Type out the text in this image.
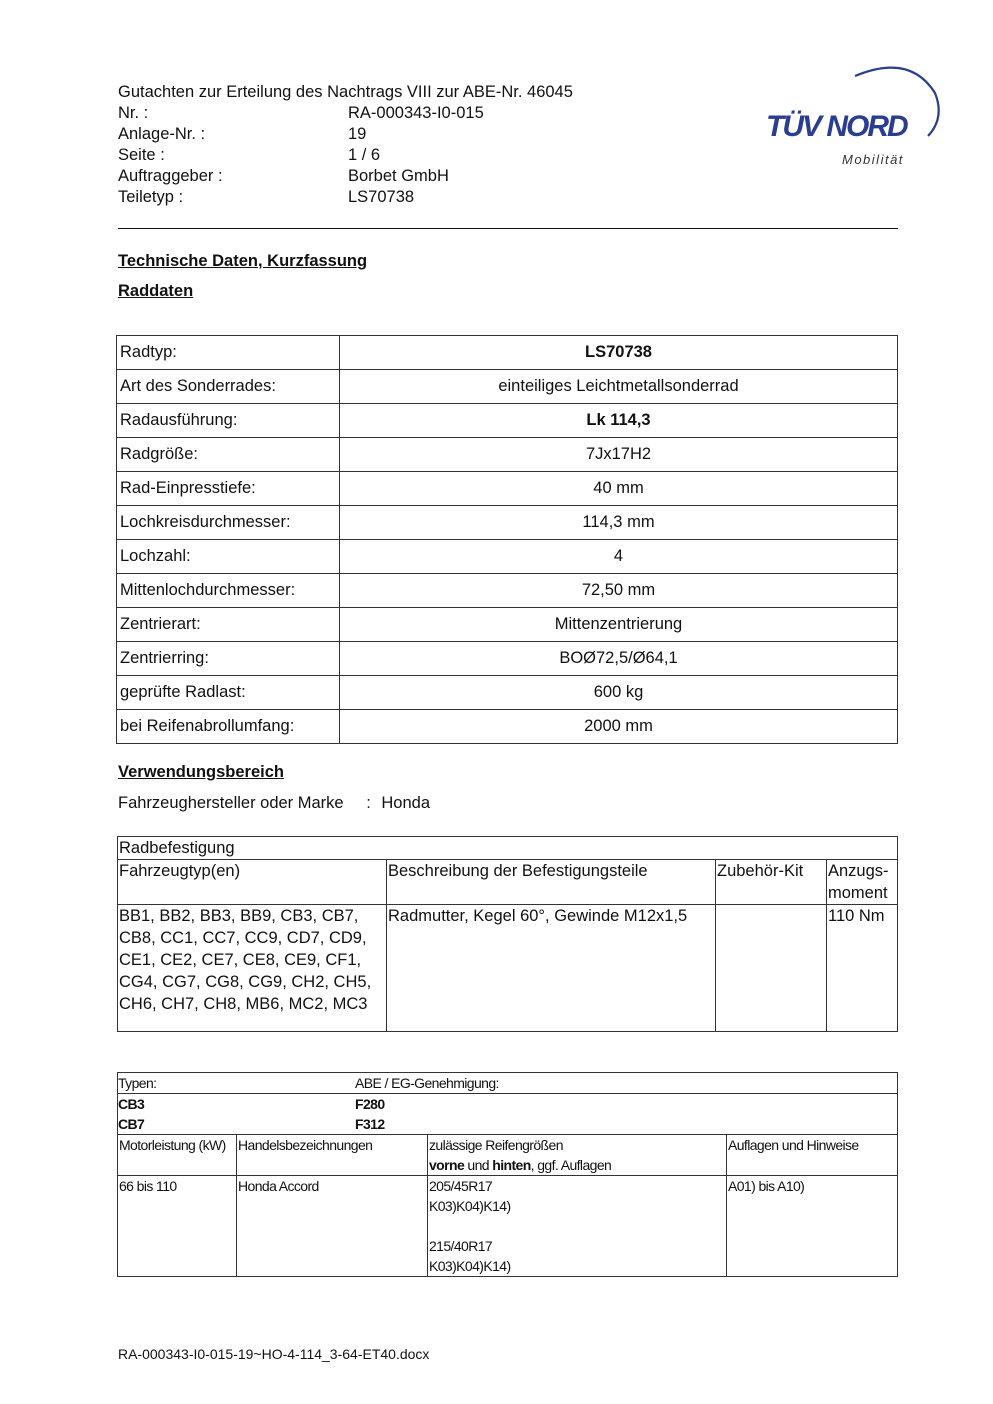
Gutachten zur Erteilung des Nachtrags VIII zur ABE-Nr. 46045
Nr. :	RA-000343-I0-015
Anlage-Nr. :	19
Seite :	1 / 6
Auftraggeber :	Borbet GmbH
Teiletyp :	LS70738
TÜV NORD
Mobilität
Technische Daten, Kurzfassung
Raddaten
Radtyp:	LS70738
Art des Sonderrades:	einteiliges Leichtmetallsonderrad
Radausführung:	Lk 114,3
Radgröße:	7Jx17H2
Rad-Einpresstiefe:	40 mm
Lochkreisdurchmesser:	114,3 mm
Lochzahl:	4
Mittenlochdurchmesser:	72,50 mm
Zentrierart:	Mittenzentrierung
Zentrierring:	BOØ72,5/Ø64,1
geprüfte Radlast:	600 kg
bei Reifenabrollumfang:	2000 mm
Verwendungsbereich
Fahrzeughersteller oder Marke : Honda
Radbefestigung			
Fahrzeugtyp(en)	Beschreibung der Befestigungsteile	Zubehör-Kit	Anzugs-moment
BB1, BB2, BB3, BB9, CB3, CB7, CB8, CC1, CC7, CC9, CD7, CD9, CE1, CE2, CE7, CE8, CE9, CF1, CG4, CG7, CG8, CG9, CH2, CH5, CH6, CH7, CH8, MB6, MC2, MC3	Radmutter, Kegel 60°, Gewinde M12x1,5		110 Nm
Typen: ABE / EG-Genehmigung:			

CB3 F280
CB7 F312			

Motorleistung (kW)	Handelsbezeichnungen	zulässige Reifengrößen
vorne und hinten, ggf. Auflagen	Auflagen und Hinweise
66 bis 110	Honda Accord	205/45R17
K03)K04)K14)
215/40R17
K03)K04)K14)	A01) bis A10)
RA-000343-I0-015-19~HO-4-114_3-64-ET40.docx
